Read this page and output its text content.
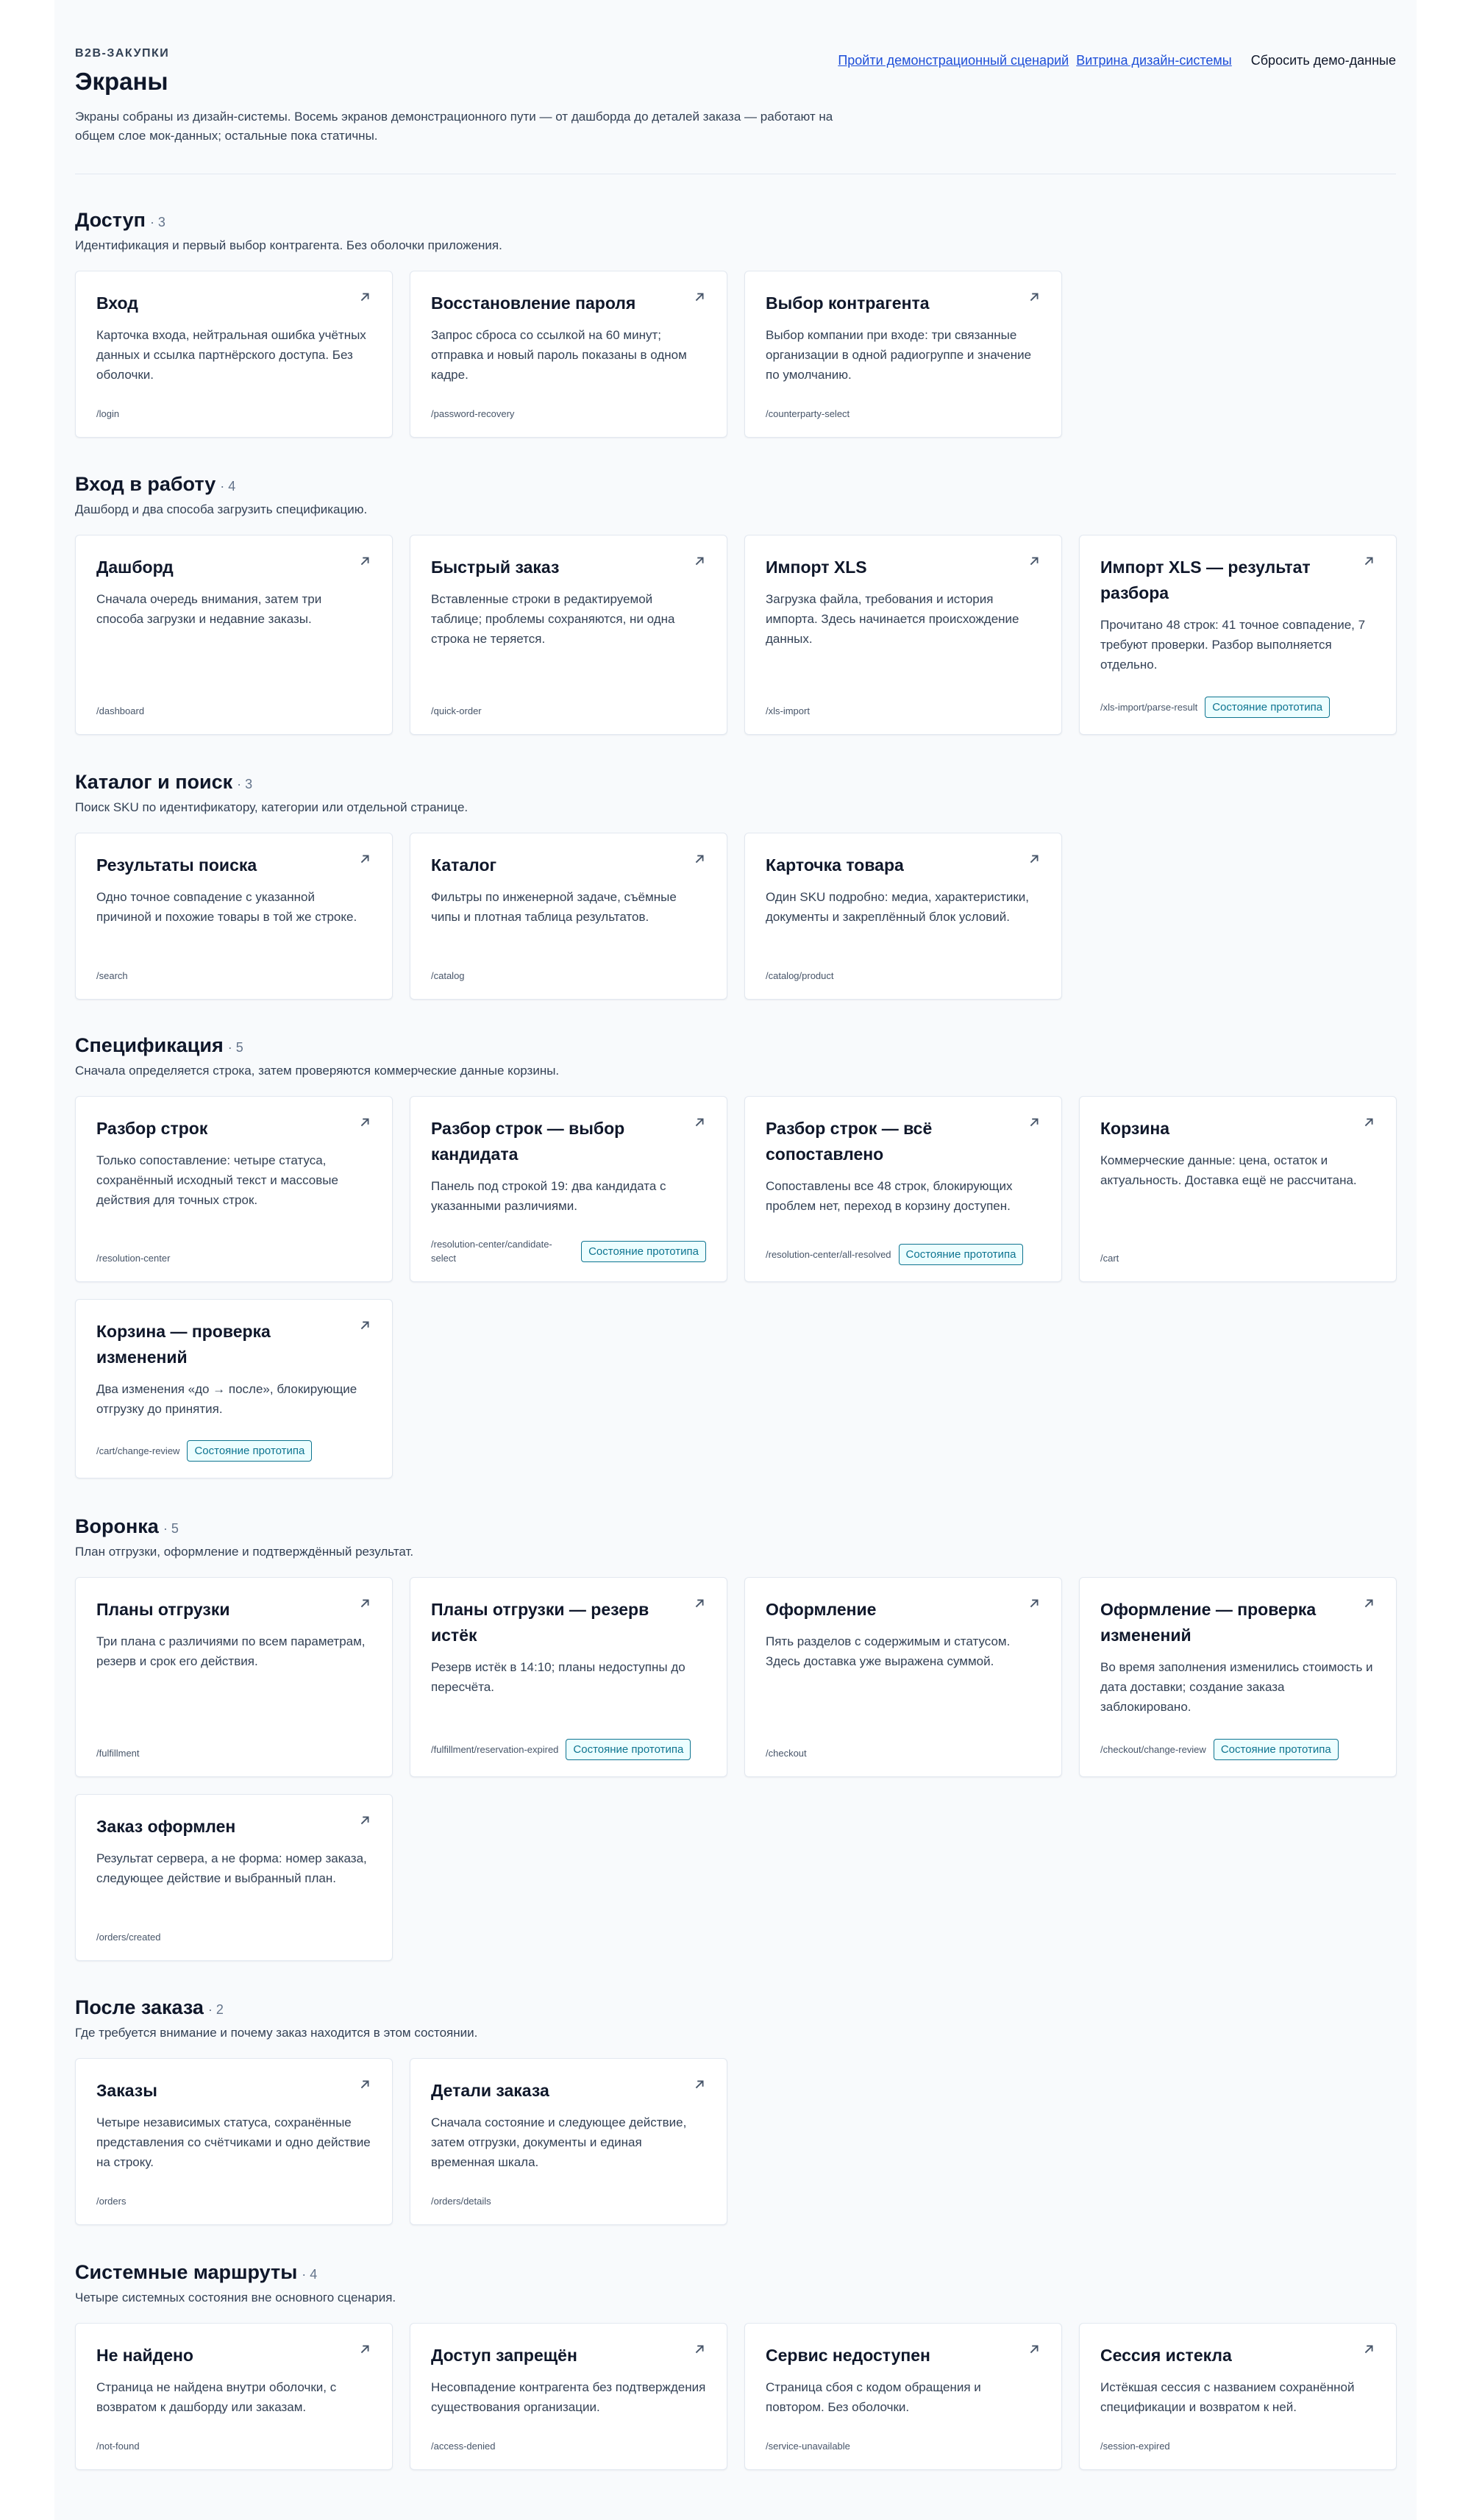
B2B-ЗАКУПКИ
Экраны

Экраны собраны из дизайн-системы. Восемь экранов демонстрационного пути — от дашборда до деталей заказа — работают на общем слое мок-данных; остальные пока статичны.

Пройти демонстрационный сценарий Витрина дизайн-системы Сбросить демо-данные
Доступ · 3

Идентификация и первый выбор контрагента. Без оболочки приложения.

Вход

Карточка входа, нейтральная ошибка учётных данных и ссылка партнёрского доступа. Без оболочки.

/login
Восстановление пароля

Запрос сброса со ссылкой на 60 минут; отправка и новый пароль показаны в одном кадре.

/password-recovery
Выбор контрагента

Выбор компании при входе: три связанные организации в одной радиогруппе и значение по умолчанию.

/counterparty-select
Вход в работу · 4

Дашборд и два способа загрузить спецификацию.

Дашборд

Сначала очередь внимания, затем три способа загрузки и недавние заказы.

/dashboard
Быстрый заказ

Вставленные строки в редактируемой таблице; проблемы сохраняются, ни одна строка не теряется.

/quick-order
Импорт XLS

Загрузка файла, требования и история импорта. Здесь начинается происхождение данных.

/xls-import
Импорт XLS — результат разбора

Прочитано 48 строк: 41 точное совпадение, 7 требуют проверки. Разбор выполняется отдельно.

/xls-import/parse-result	Состояние прототипа
Каталог и поиск · 3

Поиск SKU по идентификатору, категории или отдельной странице.

Результаты поиска

Одно точное совпадение с указанной причиной и похожие товары в той же строке.

/search
Каталог

Фильтры по инженерной задаче, съёмные чипы и плотная таблица результатов.

/catalog
Карточка товара

Один SKU подробно: медиа, характеристики, документы и закреплённый блок условий.

/catalog/product
Спецификация · 5

Сначала определяется строка, затем проверяются коммерческие данные корзины.

Разбор строк

Только сопоставление: четыре статуса, сохранённый исходный текст и массовые действия для точных строк.

/resolution-center
Разбор строк — выбор кандидата

Панель под строкой 19: два кандидата с указанными различиями.

/resolution-center/candidate-select
Состояние прототипа
Разбор строк — всё сопоставлено

Сопоставлены все 48 строк, блокирующих проблем нет, переход в корзину доступен.

/resolution-center/all-resolved	Состояние прототипа
Корзина

Коммерческие данные: цена, остаток и актуальность. Доставка ещё не рассчитана.

/cart
Корзина — проверка изменений

Два изменения «до → после», блокирующие отгрузку до принятия.

/cart/change-review	Состояние прототипа
Воронка · 5

План отгрузки, оформление и подтверждённый результат.

Планы отгрузки

Три плана с различиями по всем параметрам, резерв и срок его действия.

/fulfillment
Планы отгрузки — резерв истёк

Резерв истёк в 14:10; планы недоступны до пересчёта.

/fulfillment/reservation-expired	Состояние прототипа
Оформление

Пять разделов с содержимым и статусом. Здесь доставка уже выражена суммой.

/checkout
Оформление — проверка изменений

Во время заполнения изменились стоимость и дата доставки; создание заказа заблокировано.

/checkout/change-review	Состояние прототипа
Заказ оформлен

Результат сервера, а не форма: номер заказа, следующее действие и выбранный план.

/orders/created
После заказа · 2

Где требуется внимание и почему заказ находится в этом состоянии.

Заказы

Четыре независимых статуса, сохранённые представления со счётчиками и одно действие на строку.

/orders
Детали заказа

Сначала состояние и следующее действие, затем отгрузки, документы и единая временная шкала.

/orders/details
Системные маршруты · 4

Четыре системных состояния вне основного сценария.

Не найдено

Страница не найдена внутри оболочки, с возвратом к дашборду или заказам.

/not-found
Доступ запрещён

Несовпадение контрагента без подтверждения существования организации.

/access-denied
Сервис недоступен

Страница сбоя с кодом обращения и повтором. Без оболочки.

/service-unavailable
Сессия истекла

Истёкшая сессия с названием сохранённой спецификации и возвратом к ней.

/session-expired
